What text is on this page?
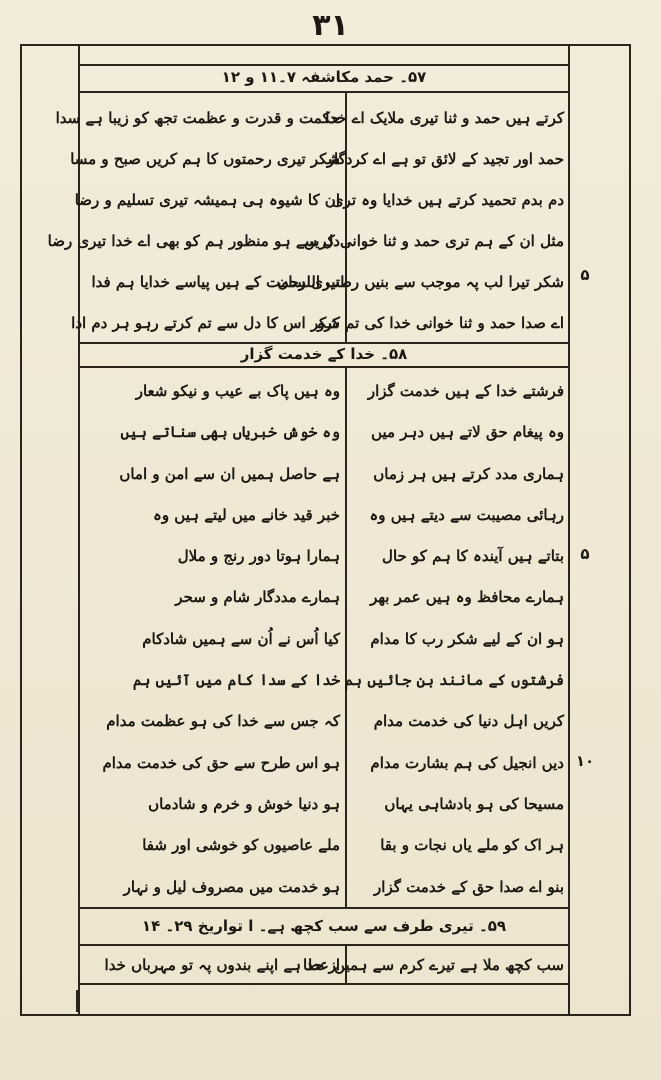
۳۱
۵۷۔ حمد مکاشفہ ۷۔۱۱ و ۱۲
کرتے ہیں حمد و ثنا تیری ملایک اے خدا
حمد اور تجید کے لائق تو ہے اے کردگار
دم بدم تحمید کرتے ہیں خدایا وہ تری
مثل ان کے ہم تری حمد و ثنا خوانی کریں
شکر تیرا لب پہ موجب سے بنیں رطب اللسان
اے صدا حمد و ثنا خوانی خدا کی تم کرو
حکمت و قدرت و عظمت تجھ کو زیبا ہے سدا
شکر تیری رحمتوں کا ہم کریں صبح و مسا
ان کا شیوہ ہی ہمیشہ تیری تسلیم و رضا
دل سے ہو منظور ہم کو بھی اے خدا تیری رضا
تیری رحمت کے ہیں پیاسے خدایا ہم فدا
شکر اس کا دل سے تم کرتے رہو ہر دم ادا
۵
۵۸۔ خدا کے خدمت گزار
فرشتے خدا کے ہیں خدمت گزار
وہ پیغام حق لاتے ہیں دہر میں
ہماری مدد کرتے ہیں ہر زماں
رہائی مصیبت سے دیتے ہیں وہ
بتاتے ہیں آیندہ کا ہم کو حال
ہمارے محافظ وہ ہیں عمر بھر
ہو ان کے لیے شکر رب کا مدام
فرشتوں کے مانند بن جائیں ہم
کریں اہل دنیا کی خدمت مدام
دیں انجیل کی ہم بشارت مدام
مسیحا کی ہو بادشاہی یہاں
ہر اک کو ملے یاں نجات و بقا
بنو اے صدا حق کے خدمت گزار
وہ ہیں پاک بے عیب و نیکو شعار
وہ خوش خبریاں بھی سناتے ہیں
ہے حاصل ہمیں ان سے امن و اماں
خبر قید خانے میں لیتے ہیں وہ
ہمارا ہوتا دور رنج و ملال
ہمارے مددگار شام و سحر
کیا اُس نے اُن سے ہمیں شادکام
خدا کے سدا کام میں آئیں ہم
کہ جس سے خدا کی ہو عظمت مدام
ہو اس طرح سے حق کی خدمت مدام
ہو دنیا خوش و خرم و شادماں
ملے عاصیوں کو خوشی اور شفا
ہو خدمت میں مصروف لیل و نہار
۵
۱۰
۵۹۔ تیری طرف سے سب کچھ ہے۔ ا تواریخ ۲۹۔ ۱۴
سب کچھ ملا ہے تیرے کرم سے ہمیں عطا
از حد ہے اپنے بندوں پہ تو مہرباں خدا
